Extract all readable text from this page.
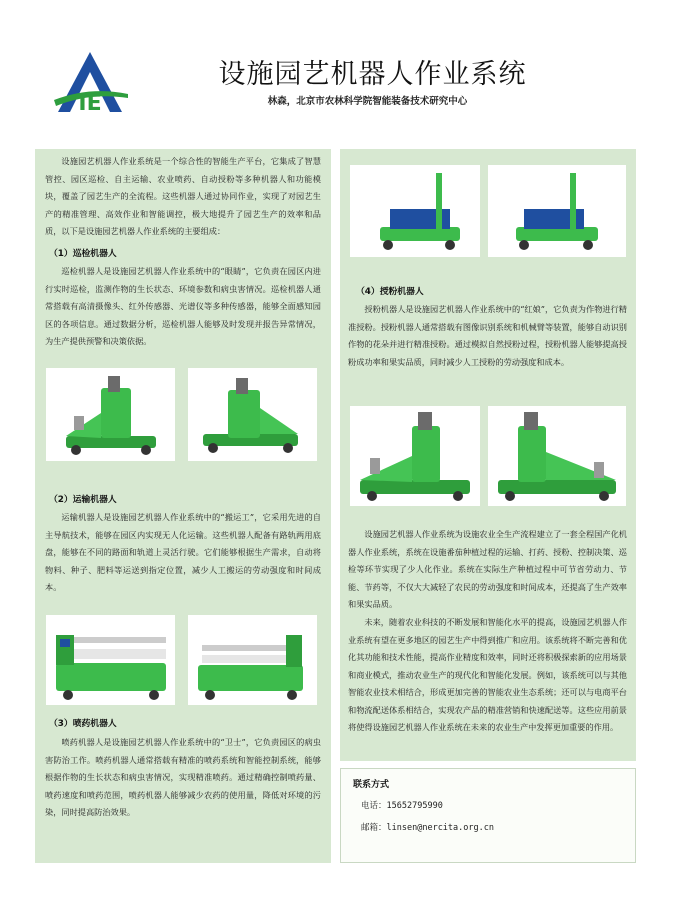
IE
设施园艺机器人作业系统
林森，北京市农林科学院智能装备技术研究中心

设施园艺机器人作业系统是一个综合性的智能生产平台，它集成了智慧管控、园区巡检、自主运输、农业喷药、自动授粉等多种机器人和功能模块，覆盖了园艺生产的全流程。这些机器人通过协同作业，实现了对园艺生产的精准管理、高效作业和智能调控，极大地提升了园艺生产的效率和品质，以下是设施园艺机器人作业系统的主要组成：

（1）巡检机器人

巡检机器人是设施园艺机器人作业系统中的“眼睛”，它负责在园区内进行实时巡检，监测作物的生长状态、环境参数和病虫害情况。巡检机器人通常搭载有高清摄像头、红外传感器、光谱仪等多种传感器，能够全面感知园区的各项信息。通过数据分析，巡检机器人能够及时发现并报告异常情况，为生产提供预警和决策依据。

（2）运输机器人

运输机器人是设施园艺机器人作业系统中的“搬运工”，它采用先进的自主导航技术，能够在园区内实现无人化运输。这些机器人配备有路轨两用底盘，能够在不同的路面和轨道上灵活行驶。它们能够根据生产需求，自动将物料、种子、肥料等运送到指定位置，减少人工搬运的劳动强度和时间成本。

（3）喷药机器人

喷药机器人是设施园艺机器人作业系统中的“卫士”，它负责园区的病虫害防治工作。喷药机器人通常搭载有精准的喷药系统和智能控制系统，能够根据作物的生长状态和病虫害情况，实现精准喷药。通过精确控制喷药量、喷药速度和喷药范围，喷药机器人能够减少农药的使用量，降低对环境的污染，同时提高防治效果。

（4）授粉机器人

授粉机器人是设施园艺机器人作业系统中的“红娘”，它负责为作物进行精准授粉。授粉机器人通常搭载有图像识别系统和机械臂等装置，能够自动识别作物的花朵并进行精准授粉。通过模拟自然授粉过程，授粉机器人能够提高授粉成功率和果实品质，同时减少人工授粉的劳动强度和成本。

设施园艺机器人作业系统为设施农业全生产流程建立了一套全程国产化机器人作业系统，系统在设施番茄种植过程的运输、打药、授粉、控制决策、巡检等环节实现了少人化作业。系统在实际生产种植过程中可节省劳动力、节能、节药等，不仅大大减轻了农民的劳动强度和时间成本，还提高了生产效率和果实品质。

未来，随着农业科技的不断发展和智能化水平的提高，设施园艺机器人作业系统有望在更多地区的园艺生产中得到推广和应用。该系统将不断完善和优化其功能和技术性能，提高作业精度和效率，同时还将积极探索新的应用场景和商业模式，推动农业生产的现代化和智能化发展。例如，该系统可以与其他智能农业技术相结合，形成更加完善的智能农业生态系统；还可以与电商平台和物流配送体系相结合，实现农产品的精准营销和快速配送等。这些应用前景将使得设施园艺机器人作业系统在未来的农业生产中发挥更加重要的作用。

联系方式
电话：15652795990
邮箱：linsen@nercita.org.cn
